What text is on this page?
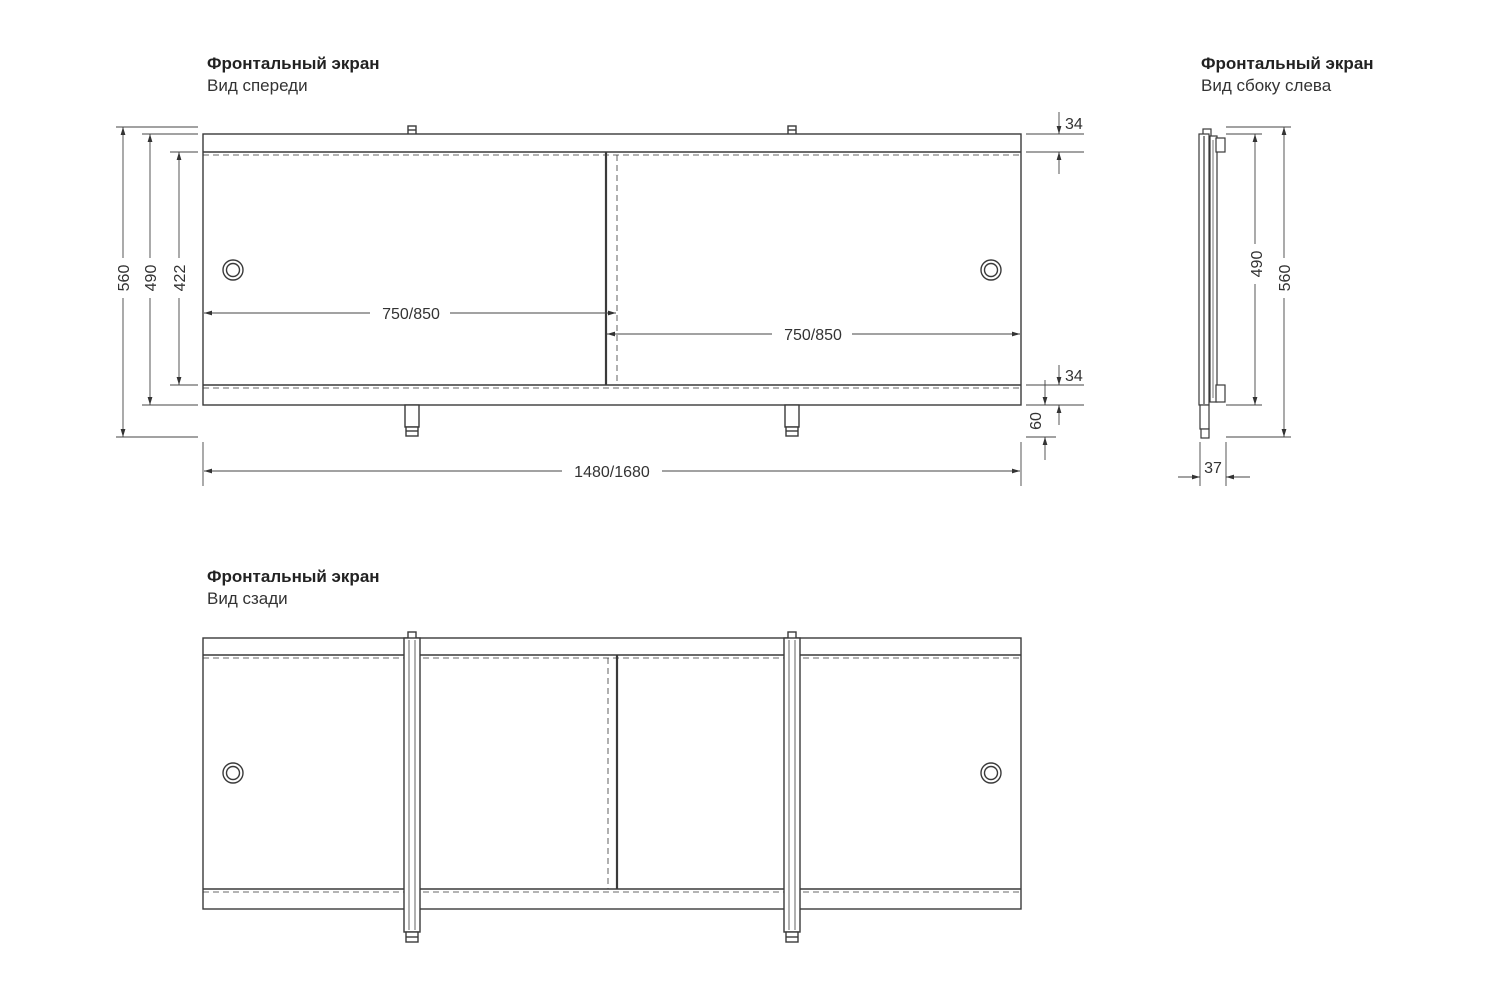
Фронтальный экран
Вид спереди
Фронтальный экран
Вид сбоку слева
Фронтальный экран
Вид сзади
560 490 422
750/850
750/850
1480/1680
34
34
60
490
560
37
